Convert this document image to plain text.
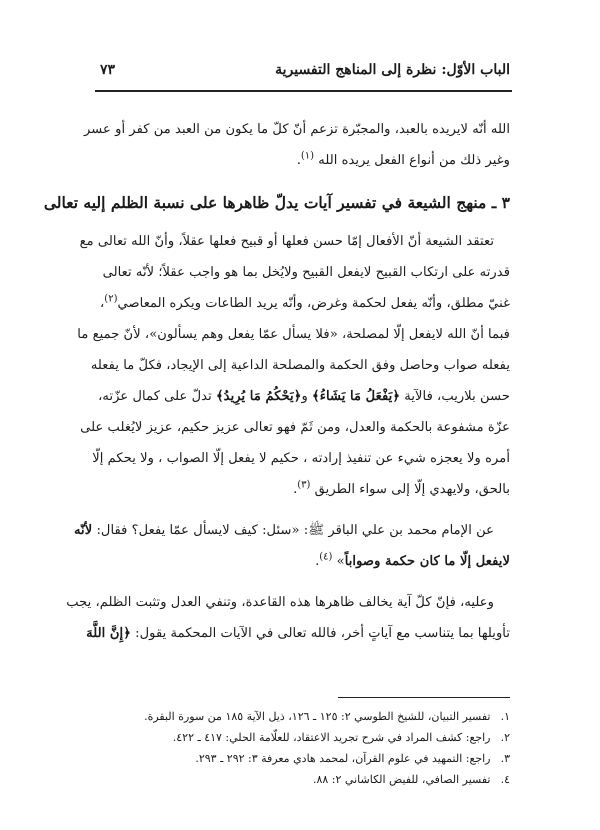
الباب الأوّل: نظرة إلى المناهج التفسيرية
٧٣

الله أنّه لايريده بالعبد، والمجبّرة تزعم أنّ كلّ ما يكون من العبد من كفر أو عسر

وغير ذلك من أنواع الفعل يريده الله $^{(١)}$.

٣ ـ منهج الشيعة في تفسير آيات يدلّ ظاهرها على نسبة الظلم إليه تعالى

تعتقد الشيعة أنّ الأفعال إمّا حسن فعلها أو قبيح فعلها عقلاً، وأنّ الله تعالى مع

قدرته على ارتكاب القبيح لايفعل القبيح ولايُخل بما هو واجب عقلاً؛ لأنّه تعالى

غنيّ مطلق، وأنّه يفعل لحكمة وغرض، وأنّه يريد الطاعات ويكره المعاصي$^{(٢)}$،

فبما أنّ الله لايفعل إلّا لمصلحة، «فلا يسأل عمّا يفعل وهم يسألون»، لأنّ جميع ما

يفعله صواب وحاصل وفق الحكمة والمصلحة الداعية إلى الإيجاد، فكلّ ما يفعله

حسن بلاريب، فالآية ﴿يَفْعَلُ مَا يَشَاءُ﴾ و﴿يَحْكُمُ مَا يُرِيدُ﴾ تدلّ على كمال عزّته،

عزّة مشفوعة بالحكمة والعدل، ومن ثَمّ فهو تعالى عزيز حكيم، عزيز لايُغلب على

أمره ولا يعجزه شيء عن تنفيذ إرادته ، حكيم لا يفعل إلّا الصواب ، ولا يحكم إلّا

بالحق، ولايهدي إلّا إلى سواء الطريق $^{(٣)}$.

عن الإمام محمد بن علي الباقر ﷺ: «سئل: كيف لايسأل عمّا يفعل؟ فقال: لأنّه

لايفعل إلّا ما كان حكمة وصواباً» $^{(٤)}$.

وعليه، فإنّ كلّ آية يخالف ظاهرها هذه القاعدة، وتنفي العدل وتثبت الظلم، يجب

تأويلها بما يتناسب مع آياتٍ أخر، فالله تعالى في الآيات المحكمة يقول: ﴿إِنَّ اللَّهَ

١. تفسير التبيان، للشيخ الطوسي ٢: ١٢٥ ـ ١٢٦، ذيل الآية ١٨٥ من سورة البقرة.

٢. راجع: كشف المراد في شرح تجريد الاعتقاد، للعلّامة الحلي: ٤١٧ ـ ٤٢٢.

٣. راجع: التمهيد في علوم القرآن، لمحمد هادي معرفة ٣: ٢٩٢ ـ ٢٩٣.

٤. تفسير الصافي، للفيض الكاشاني ٢: ٨٨.
